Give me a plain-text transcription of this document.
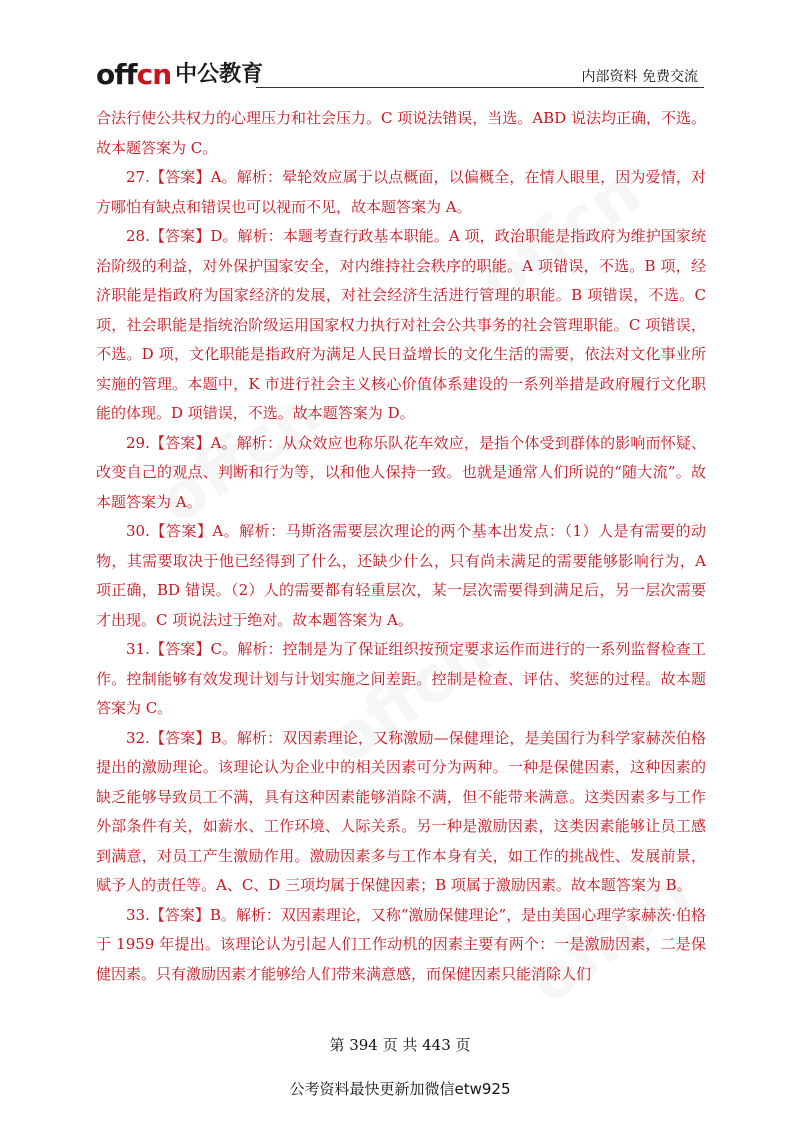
offcn 中公教育	内部资料 免费交流

合法行使公共权力的心理压力和社会压力。C 项说法错误，当选。ABD 说法均正确，不选。故本题答案为 C。

27.【答案】A。解析：晕轮效应属于以点概面，以偏概全，在情人眼里，因为爱情，对方哪怕有缺点和错误也可以视而不见，故本题答案为 A。

28.【答案】D。解析：本题考查行政基本职能。A 项，政治职能是指政府为维护国家统治阶级的利益，对外保护国家安全，对内维持社会秩序的职能。A 项错误，不选。B 项，经济职能是指政府为国家经济的发展，对社会经济生活进行管理的职能。B 项错误，不选。C 项，社会职能是指统治阶级运用国家权力执行对社会公共事务的社会管理职能。C 项错误，不选。D 项，文化职能是指政府为满足人民日益增长的文化生活的需要，依法对文化事业所实施的管理。本题中，K 市进行社会主义核心价值体系建设的一系列举措是政府履行文化职能的体现。D 项错误，不选。故本题答案为 D。

29.【答案】A。解析：从众效应也称乐队花车效应，是指个体受到群体的影响而怀疑、改变自己的观点、判断和行为等，以和他人保持一致。也就是通常人们所说的“随大流”。故本题答案为 A。

30.【答案】A。解析：马斯洛需要层次理论的两个基本出发点：（1）人是有需要的动物，其需要取决于他已经得到了什么，还缺少什么，只有尚未满足的需要能够影响行为，A 项正确，BD 错误。（2）人的需要都有轻重层次，某一层次需要得到满足后，另一层次需要才出现。C 项说法过于绝对。故本题答案为 A。

31.【答案】C。解析：控制是为了保证组织按预定要求运作而进行的一系列监督检查工作。控制能够有效发现计划与计划实施之间差距。控制是检查、评估、奖惩的过程。故本题答案为 C。

32.【答案】B。解析：双因素理论，又称激励—保健理论，是美国行为科学家赫茨伯格提出的激励理论。该理论认为企业中的相关因素可分为两种。一种是保健因素，这种因素的缺乏能够导致员工不满，具有这种因素能够消除不满，但不能带来满意。这类因素多与工作外部条件有关，如薪水、工作环境、人际关系。另一种是激励因素，这类因素能够让员工感到满意，对员工产生激励作用。激励因素多与工作本身有关，如工作的挑战性、发展前景，赋予人的责任等。A、C、D 三项均属于保健因素；B 项属于激励因素。故本题答案为 B。

33.【答案】B。解析：双因素理论，又称“激励保健理论”，是由美国心理学家赫茨·伯格于 1959 年提出。该理论认为引起人们工作动机的因素主要有两个：一是激励因素，二是保健因素。只有激励因素才能够给人们带来满意感，而保健因素只能消除人们

第 394 页 共 443 页
公考资料最快更新加微信etw925
